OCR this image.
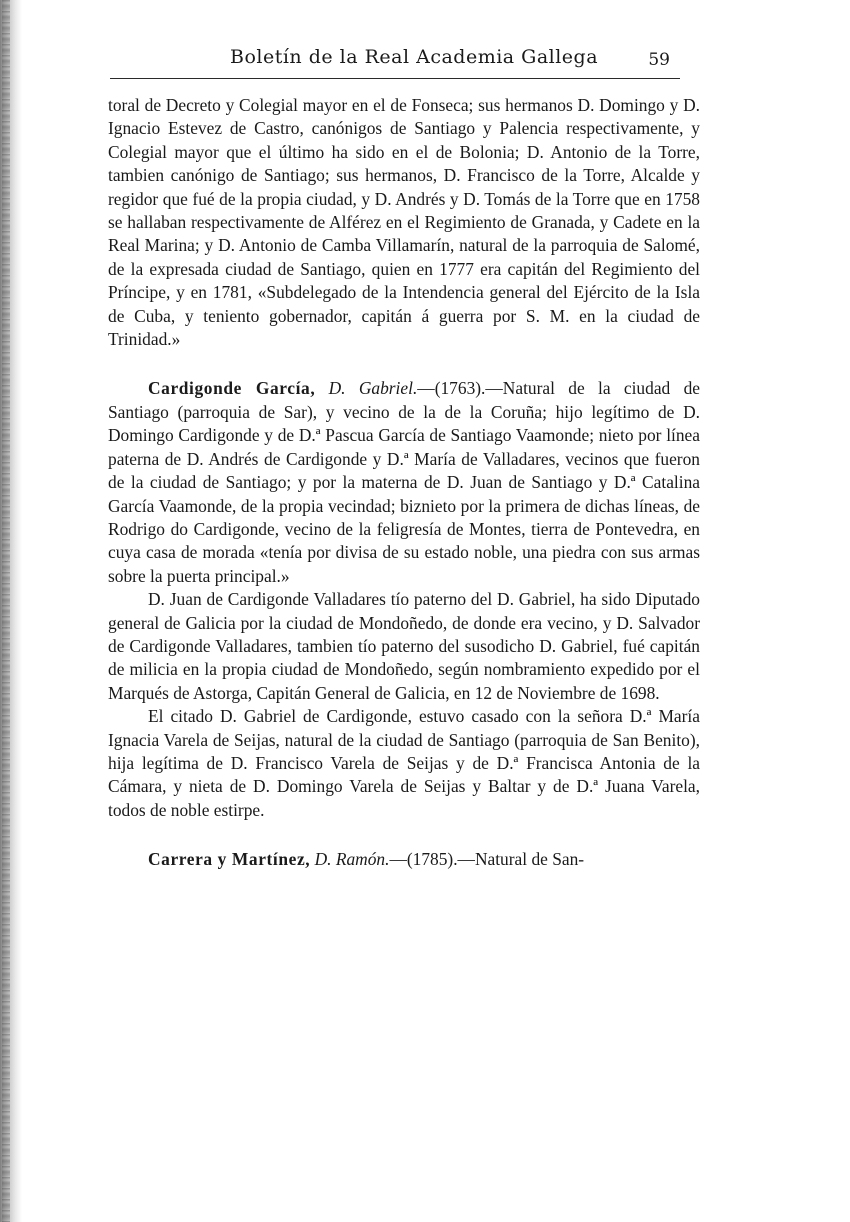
Boletín de la Real Academia Gallega	59

toral de Decreto y Colegial mayor en el de Fonseca; sus hermanos D. Domingo y D. Ignacio Estevez de Castro, canónigos de Santiago y Palencia respectivamente, y Colegial mayor que el último ha sido en el de Bolonia; D. Antonio de la Torre, tambien canónigo de Santiago; sus hermanos, D. Francisco de la Torre, Alcalde y regidor que fué de la propia ciudad, y D. Andrés y D. Tomás de la Torre que en 1758 se hallaban respectivamente de Alférez en el Regimiento de Granada, y Cadete en la Real Marina; y D. Antonio de Camba Villamarín, natural de la parroquia de Salomé, de la expresada ciudad de Santiago, quien en 1777 era capitán del Regimiento del Príncipe, y en 1781, «Subdelegado de la Intendencia general del Ejército de la Isla de Cuba, y teniento gobernador, capitán á guerra por S. M. en la ciudad de Trinidad.»

Cardigonde García, D. Gabriel.—(1763).—Natural de la ciudad de Santiago (parroquia de Sar), y vecino de la de la Coruña; hijo legítimo de D. Domingo Cardigonde y de D.ª Pascua García de Santiago Vaamonde; nieto por línea paterna de D. Andrés de Cardigonde y D.ª María de Valladares, vecinos que fueron de la ciudad de Santiago; y por la materna de D. Juan de Santiago y D.ª Catalina García Vaamonde, de la propia vecindad; biznieto por la primera de dichas líneas, de Rodrigo do Cardigonde, vecino de la feligresía de Montes, tierra de Pontevedra, en cuya casa de morada «tenía por divisa de su estado noble, una piedra con sus armas sobre la puerta principal.»

D. Juan de Cardigonde Valladares tío paterno del D. Gabriel, ha sido Diputado general de Galicia por la ciudad de Mondoñedo, de donde era vecino, y D. Salvador de Cardigonde Valladares, tambien tío paterno del susodicho D. Gabriel, fué capitán de milicia en la propia ciudad de Mondoñedo, según nombramiento expedido por el Marqués de Astorga, Capitán General de Galicia, en 12 de Noviembre de 1698.

El citado D. Gabriel de Cardigonde, estuvo casado con la señora D.ª María Ignacia Varela de Seijas, natural de la ciudad de Santiago (parroquia de San Benito), hija legítima de D. Francisco Varela de Seijas y de D.ª Francisca Antonia de la Cámara, y nieta de D. Domingo Varela de Seijas y Baltar y de D.ª Juana Varela, todos de noble estirpe.

Carrera y Martínez, D. Ramón.—(1785).—Natural de San-
